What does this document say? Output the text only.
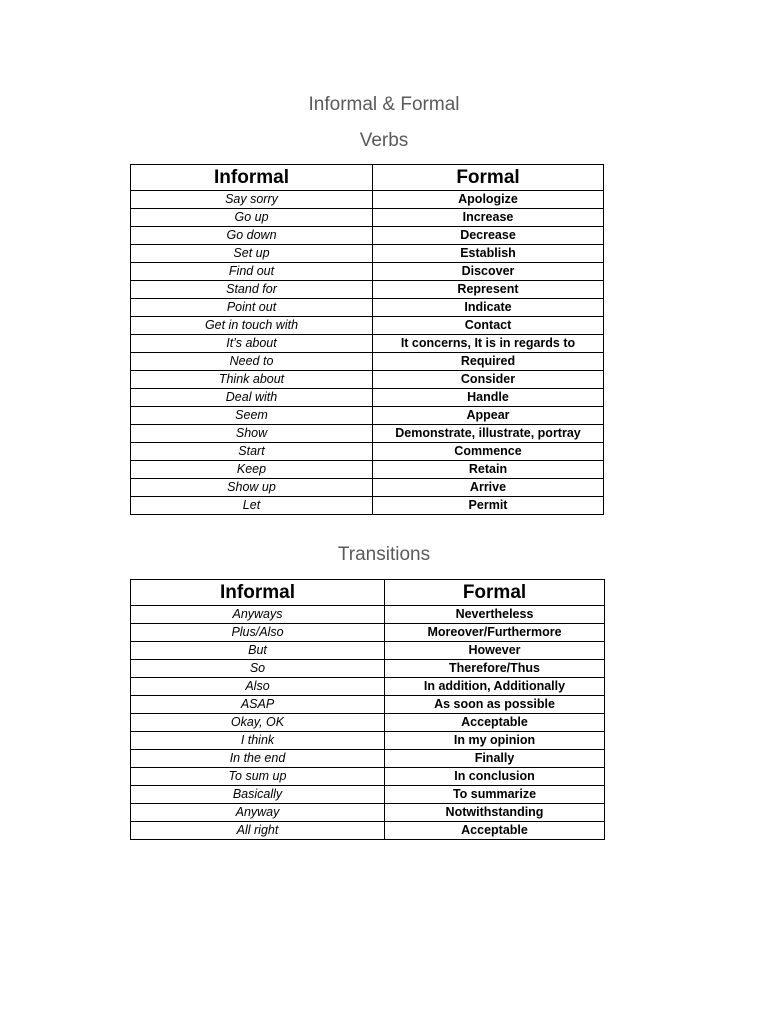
Informal & Formal
Verbs
Informal	Formal
Say sorry	Apologize
Go up	Increase
Go down	Decrease
Set up	Establish
Find out	Discover
Stand for	Represent
Point out	Indicate
Get in touch with	Contact
It’s about	It concerns, It is in regards to
Need to	Required
Think about	Consider
Deal with	Handle
Seem	Appear
Show	Demonstrate, illustrate, portray
Start	Commence
Keep	Retain
Show up	Arrive
Let	Permit
Transitions
Informal	Formal
Anyways	Nevertheless
Plus/Also	Moreover/Furthermore
But	However
So	Therefore/Thus
Also	In addition, Additionally
ASAP	As soon as possible
Okay, OK	Acceptable
I think	In my opinion
In the end	Finally
To sum up	In conclusion
Basically	To summarize
Anyway	Notwithstanding
All right	Acceptable
